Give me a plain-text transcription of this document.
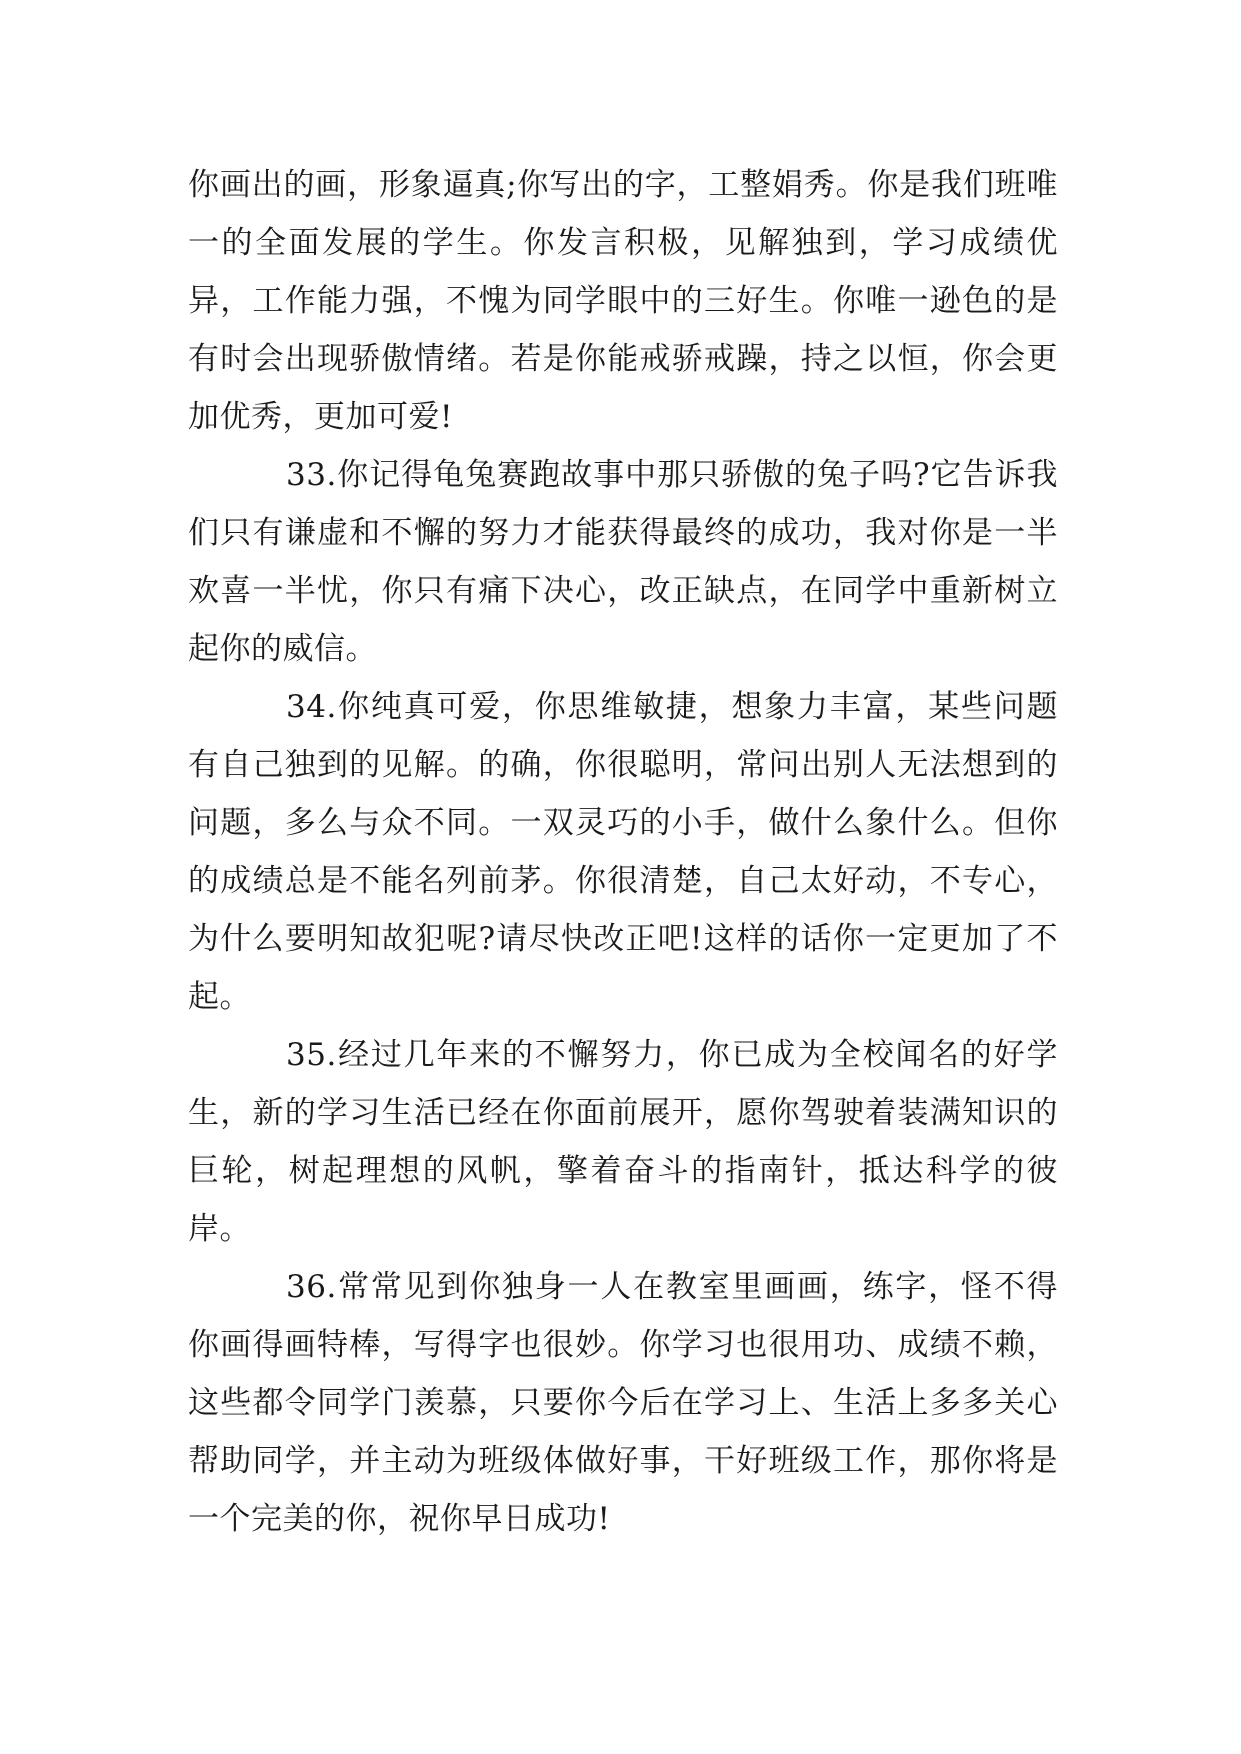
你画出的画，形象逼真;你写出的字，工整娟秀。你是我们班唯一的全面发展的学生。你发言积极，见解独到，学习成绩优异，工作能力强，不愧为同学眼中的三好生。你唯一逊色的是有时会出现骄傲情绪。若是你能戒骄戒躁，持之以恒，你会更加优秀，更加可爱!

33.你记得龟兔赛跑故事中那只骄傲的兔子吗?它告诉我们只有谦虚和不懈的努力才能获得最终的成功，我对你是一半欢喜一半忧，你只有痛下决心，改正缺点，在同学中重新树立起你的威信。

34.你纯真可爱，你思维敏捷，想象力丰富，某些问题有自己独到的见解。的确，你很聪明，常问出别人无法想到的问题，多么与众不同。一双灵巧的小手，做什么象什么。但你的成绩总是不能名列前茅。你很清楚，自己太好动，不专心，为什么要明知故犯呢?请尽快改正吧!这样的话你一定更加了不起。

35.经过几年来的不懈努力，你已成为全校闻名的好学生，新的学习生活已经在你面前展开，愿你驾驶着装满知识的巨轮，树起理想的风帆，擎着奋斗的指南针，抵达科学的彼岸。

36.常常见到你独身一人在教室里画画，练字，怪不得你画得画特棒，写得字也很妙。你学习也很用功、成绩不赖，这些都令同学门羡慕，只要你今后在学习上、生活上多多关心帮助同学，并主动为班级体做好事，干好班级工作，那你将是一个完美的你，祝你早日成功!
